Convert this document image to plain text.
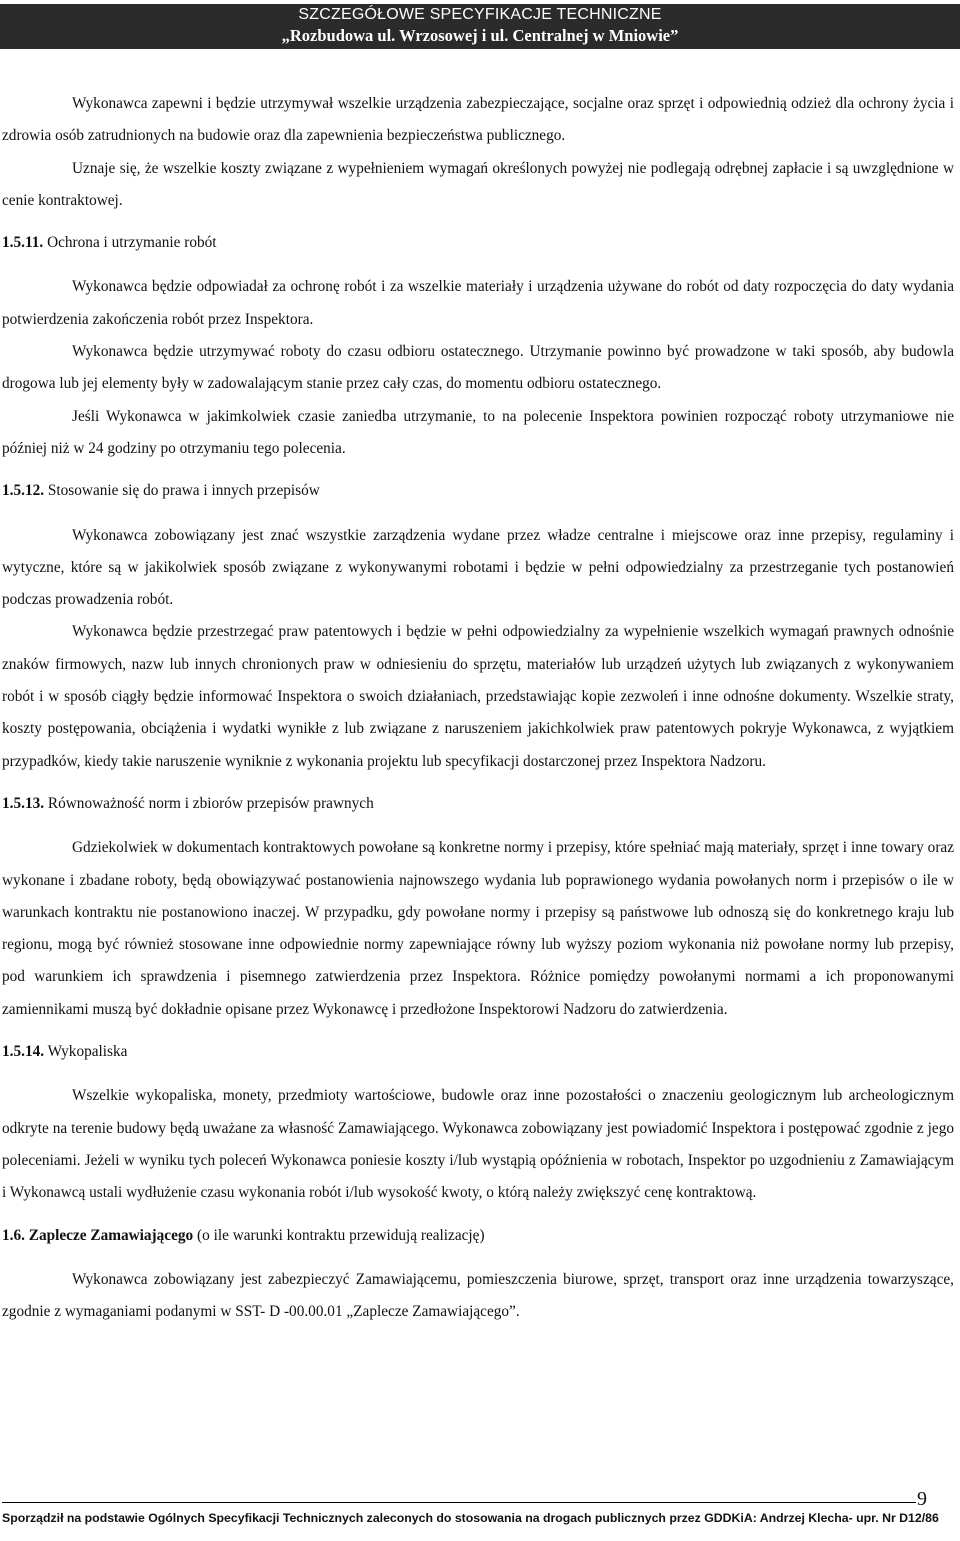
SZCZEGÓŁOWE SPECYFIKACJE TECHNICZNE
„Rozbudowa ul. Wrzosowej i ul. Centralnej w Mniowie”

Wykonawca zapewni i będzie utrzymywał wszelkie urządzenia zabezpieczające, socjalne oraz sprzęt i odpowiednią odzież dla ochrony życia i zdrowia osób zatrudnionych na budowie oraz dla zapewnienia bezpieczeństwa publicznego.

Uznaje się, że wszelkie koszty związane z wypełnieniem wymagań określonych powyżej nie podlegają odrębnej zapłacie i są uwzględnione w cenie kontraktowej.

1.5.11. Ochrona i utrzymanie robót

Wykonawca będzie odpowiadał za ochronę robót i za wszelkie materiały i urządzenia używane do robót od daty rozpoczęcia do daty wydania potwierdzenia zakończenia robót przez Inspektora.

Wykonawca będzie utrzymywać roboty do czasu odbioru ostatecznego. Utrzymanie powinno być prowadzone w taki sposób, aby budowla drogowa lub jej elementy były w zadowalającym stanie przez cały czas, do momentu odbioru ostatecznego.

Jeśli Wykonawca w jakimkolwiek czasie zaniedba utrzymanie, to na polecenie Inspektora powinien rozpocząć roboty utrzymaniowe nie później niż w 24 godziny po otrzymaniu tego polecenia.

1.5.12. Stosowanie się do prawa i innych przepisów

Wykonawca zobowiązany jest znać wszystkie zarządzenia wydane przez władze centralne i miejscowe oraz inne przepisy, regulaminy i wytyczne, które są w jakikolwiek sposób związane z wykonywanymi robotami i będzie w pełni odpowiedzialny za przestrzeganie tych postanowień podczas prowadzenia robót.

Wykonawca będzie przestrzegać praw patentowych i będzie w pełni odpowiedzialny za wypełnienie wszelkich wymagań prawnych odnośnie znaków firmowych, nazw lub innych chronionych praw w odniesieniu do sprzętu, materiałów lub urządzeń użytych lub związanych z wykonywaniem robót i w sposób ciągły będzie informować Inspektora o swoich działaniach, przedstawiając kopie zezwoleń i inne odnośne dokumenty. Wszelkie straty, koszty postępowania, obciążenia i wydatki wynikłe z lub związane z naruszeniem jakichkolwiek praw patentowych pokryje Wykonawca, z wyjątkiem przypadków, kiedy takie naruszenie wyniknie z wykonania projektu lub specyfikacji dostarczonej przez Inspektora Nadzoru.

1.5.13. Równoważność norm i zbiorów przepisów prawnych

Gdziekolwiek w dokumentach kontraktowych powołane są konkretne normy i przepisy, które spełniać mają materiały, sprzęt i inne towary oraz wykonane i zbadane roboty, będą obowiązywać postanowienia najnowszego wydania lub poprawionego wydania powołanych norm i przepisów o ile w warunkach kontraktu nie postanowiono inaczej. W przypadku, gdy powołane normy i przepisy są państwowe lub odnoszą się do konkretnego kraju lub regionu, mogą być również stosowane inne odpowiednie normy zapewniające równy lub wyższy poziom wykonania niż powołane normy lub przepisy, pod warunkiem ich sprawdzenia i pisemnego zatwierdzenia przez Inspektora. Różnice pomiędzy powołanymi normami a ich proponowanymi zamiennikami muszą być dokładnie opisane przez Wykonawcę i przedłożone Inspektorowi Nadzoru do zatwierdzenia.

1.5.14. Wykopaliska

Wszelkie wykopaliska, monety, przedmioty wartościowe, budowle oraz inne pozostałości o znaczeniu geologicznym lub archeologicznym odkryte na terenie budowy będą uważane za własność Zamawiającego. Wykonawca zobowiązany jest powiadomić Inspektora i postępować zgodnie z jego poleceniami. Jeżeli w wyniku tych poleceń Wykonawca poniesie koszty i/lub wystąpią opóźnienia w robotach, Inspektor po uzgodnieniu z Zamawiającym i Wykonawcą ustali wydłużenie czasu wykonania robót i/lub wysokość kwoty, o którą należy zwiększyć cenę kontraktową.

1.6. Zaplecze Zamawiającego (o ile warunki kontraktu przewidują realizację)

Wykonawca zobowiązany jest zabezpieczyć Zamawiającemu, pomieszczenia biurowe, sprzęt, transport oraz inne urządzenia towarzyszące, zgodnie z wymaganiami podanymi w SST- D -00.00.01 „Zaplecze Zamawiającego”.

9
Sporządził na podstawie Ogólnych Specyfikacji Technicznych zaleconych do stosowania na drogach publicznych przez GDDKiA: Andrzej Klecha- upr. Nr D12/86
